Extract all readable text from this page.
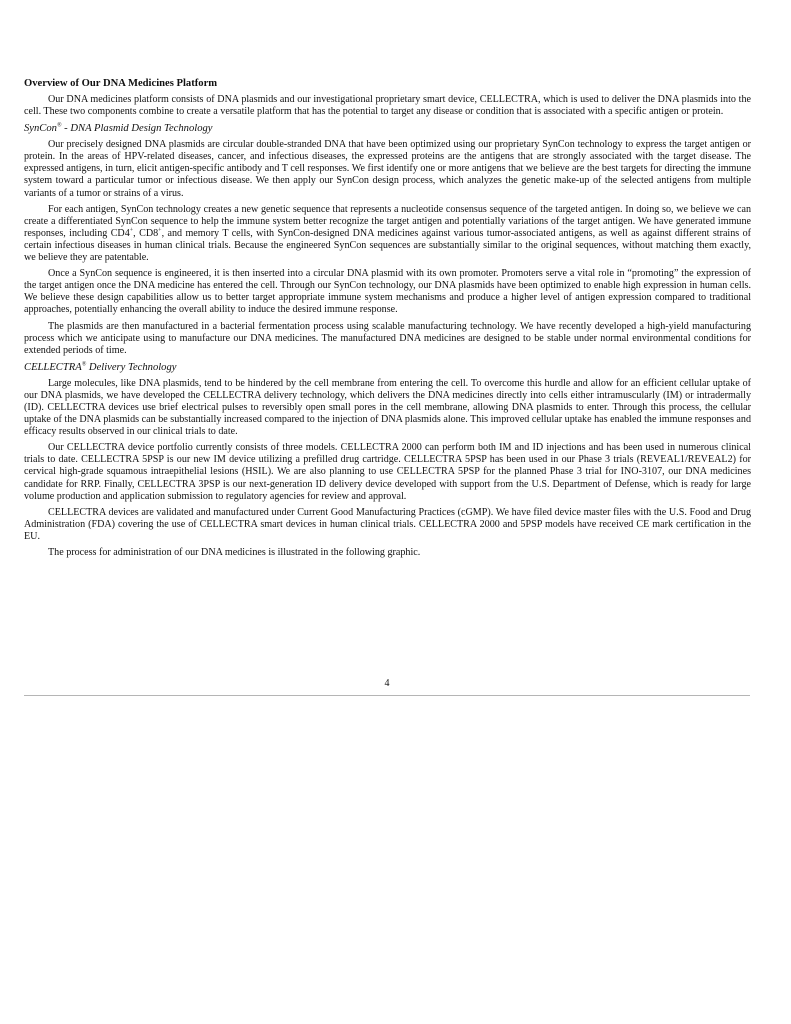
Overview of Our DNA Medicines Platform

Our DNA medicines platform consists of DNA plasmids and our investigational proprietary smart device, CELLECTRA, which is used to deliver the DNA plasmids into the cell. These two components combine to create a versatile platform that has the potential to target any disease or condition that is associated with a specific antigen or protein.

SynCon® - DNA Plasmid Design Technology

Our precisely designed DNA plasmids are circular double-stranded DNA that have been optimized using our proprietary SynCon technology to express the target antigen or protein. In the areas of HPV-related diseases, cancer, and infectious diseases, the expressed proteins are the antigens that are strongly associated with the target disease. The expressed antigens, in turn, elicit antigen-specific antibody and T cell responses. We first identify one or more antigens that we believe are the best targets for directing the immune system toward a particular tumor or infectious disease. We then apply our SynCon design process, which analyzes the genetic make-up of the selected antigens from multiple variants of a tumor or strains of a virus.

For each antigen, SynCon technology creates a new genetic sequence that represents a nucleotide consensus sequence of the targeted antigen. In doing so, we believe we can create a differentiated SynCon sequence to help the immune system better recognize the target antigen and potentially variations of the target antigen. We have generated immune responses, including CD4+, CD8+, and memory T cells, with SynCon-designed DNA medicines against various tumor-associated antigens, as well as against different strains of certain infectious diseases in human clinical trials. Because the engineered SynCon sequences are substantially similar to the original sequences, without matching them exactly, we believe they are patentable.

Once a SynCon sequence is engineered, it is then inserted into a circular DNA plasmid with its own promoter. Promoters serve a vital role in “promoting” the expression of the target antigen once the DNA medicine has entered the cell. Through our SynCon technology, our DNA plasmids have been optimized to enable high expression in human cells. We believe these design capabilities allow us to better target appropriate immune system mechanisms and produce a higher level of antigen expression compared to traditional approaches, potentially enhancing the overall ability to induce the desired immune response.

The plasmids are then manufactured in a bacterial fermentation process using scalable manufacturing technology. We have recently developed a high-yield manufacturing process which we anticipate using to manufacture our DNA medicines. The manufactured DNA medicines are designed to be stable under normal environmental conditions for extended periods of time.

CELLECTRA® Delivery Technology

Large molecules, like DNA plasmids, tend to be hindered by the cell membrane from entering the cell. To overcome this hurdle and allow for an efficient cellular uptake of our DNA plasmids, we have developed the CELLECTRA delivery technology, which delivers the DNA medicines directly into cells either intramuscularly (IM) or intradermally (ID). CELLECTRA devices use brief electrical pulses to reversibly open small pores in the cell membrane, allowing DNA plasmids to enter. Through this process, the cellular uptake of the DNA plasmids can be substantially increased compared to the injection of DNA plasmids alone. This improved cellular uptake has enabled the immune responses and efficacy results observed in our clinical trials to date.

Our CELLECTRA device portfolio currently consists of three models. CELLECTRA 2000 can perform both IM and ID injections and has been used in numerous clinical trials to date. CELLECTRA 5PSP is our new IM device utilizing a prefilled drug cartridge. CELLECTRA 5PSP has been used in our Phase 3 trials (REVEAL1/REVEAL2) for cervical high-grade squamous intraepithelial lesions (HSIL). We are also planning to use CELLECTRA 5PSP for the planned Phase 3 trial for INO-3107, our DNA medicines candidate for RRP. Finally, CELLECTRA 3PSP is our next-generation ID delivery device developed with support from the U.S. Department of Defense, which is ready for large volume production and application submission to regulatory agencies for review and approval.

CELLECTRA devices are validated and manufactured under Current Good Manufacturing Practices (cGMP). We have filed device master files with the U.S. Food and Drug Administration (FDA) covering the use of CELLECTRA smart devices in human clinical trials. CELLECTRA 2000 and 5PSP models have received CE mark certification in the EU.

The process for administration of our DNA medicines is illustrated in the following graphic.

4
